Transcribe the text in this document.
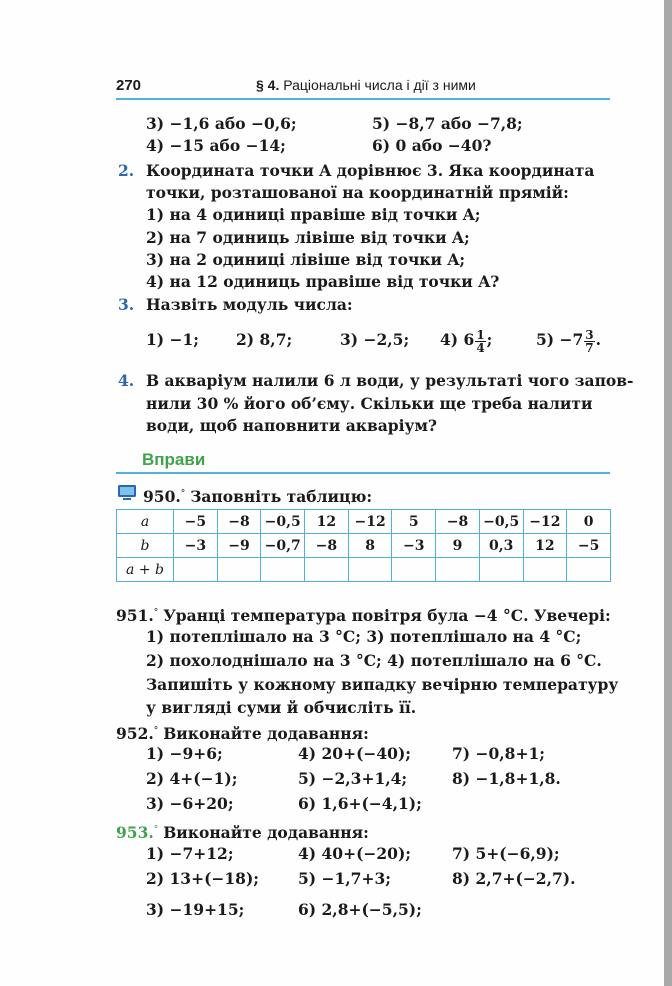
270	§ 4. Раціональні числа і дії з ними
3) −1,6 або −0,6;	5) −8,7 або −7,8;
4) −15 або −14;	6) 0 або −40?
2. Координата точки A дорівнює 3. Яка координата
точки, розташованої на координатній прямій:
1) на 4 одиниці правіше від точки A;
2) на 7 одиниць лівіше від точки A;
3) на 2 одиниці лівіше від точки A;
4) на 12 одиниць правіше від точки A?
3. Назвіть модуль числа:
1) −1; 2) 8,7;	3) −2,5; 4) $6 \frac{1}{4}$ ;	$5) -7 \frac{3}{7}$ .
4. В акваріум налили 6 л води, у результаті чого запов-
нили 30 % його об’єму. Скільки ще треба налити
води, щоб наповнити акваріум?
Вправи
950.° Заповніть таблицю:
a	−5	−8	−0,5	12	−12	5	−8	−0,5	−12	0
b	−3	−9	−0,7	−8	8	−3	9	0,3	12	−5
a + b										
951.° Уранці температура повітря була −4 °С. Увечері:
1) потеплішало на 3 °С; 3) потеплішало на 4 °С;
2) похолоднішало на 3 °С; 4) потеплішало на 6 °С.
Запишіть у кожному випадку вечірню температуру
у вигляді суми й обчисліть її.
952.° Виконайте додавання:
1) −9+6;	4) 20+(−40);	7) −0,8+1;
2) 4+(−1);	5) −2,3+1,4;	8) −1,8+1,8.
3) −6+20;	6) 1,6+(−4,1);
953.° Виконайте додавання:
1) −7+12;	4) 40+(−20);	7) 5+(−6,9);
2) 13+(−18);	5) −1,7+3;	8) 2,7+(−2,7).
3) −19+15;	6) 2,8+(−5,5);
